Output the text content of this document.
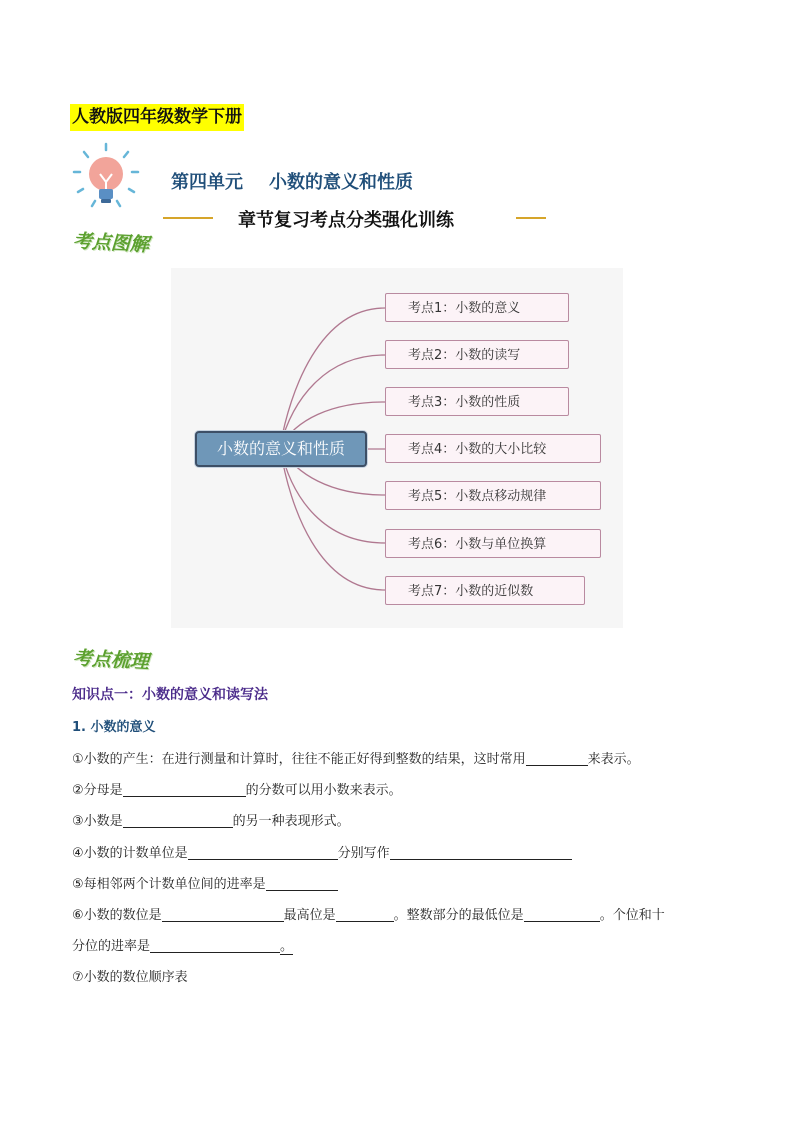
人教版四年级数学下册
第四单元 小数的意义和性质
章节复习考点分类强化训练
考点图解
小数的意义和性质
考点1：小数的意义
考点2：小数的读写
考点3：小数的性质
考点4：小数的大小比较
考点5：小数点移动规律
考点6：小数与单位换算
考点7：小数的近似数
考点梳理
知识点一：小数的意义和读写法
1. 小数的意义
①小数的产生：在进行测量和计算时，往往不能正好得到整数的结果，这时常用	来表示。
②分母是	的分数可以用小数来表示。
③小数是	的另一种表现形式。
④小数的计数单位是	分别写作
⑤每相邻两个计数单位间的进率是
⑥小数的数位是	最高位是	。整数部分的最低位是	。个位和十
分位的进率是	。
⑦小数的数位顺序表
